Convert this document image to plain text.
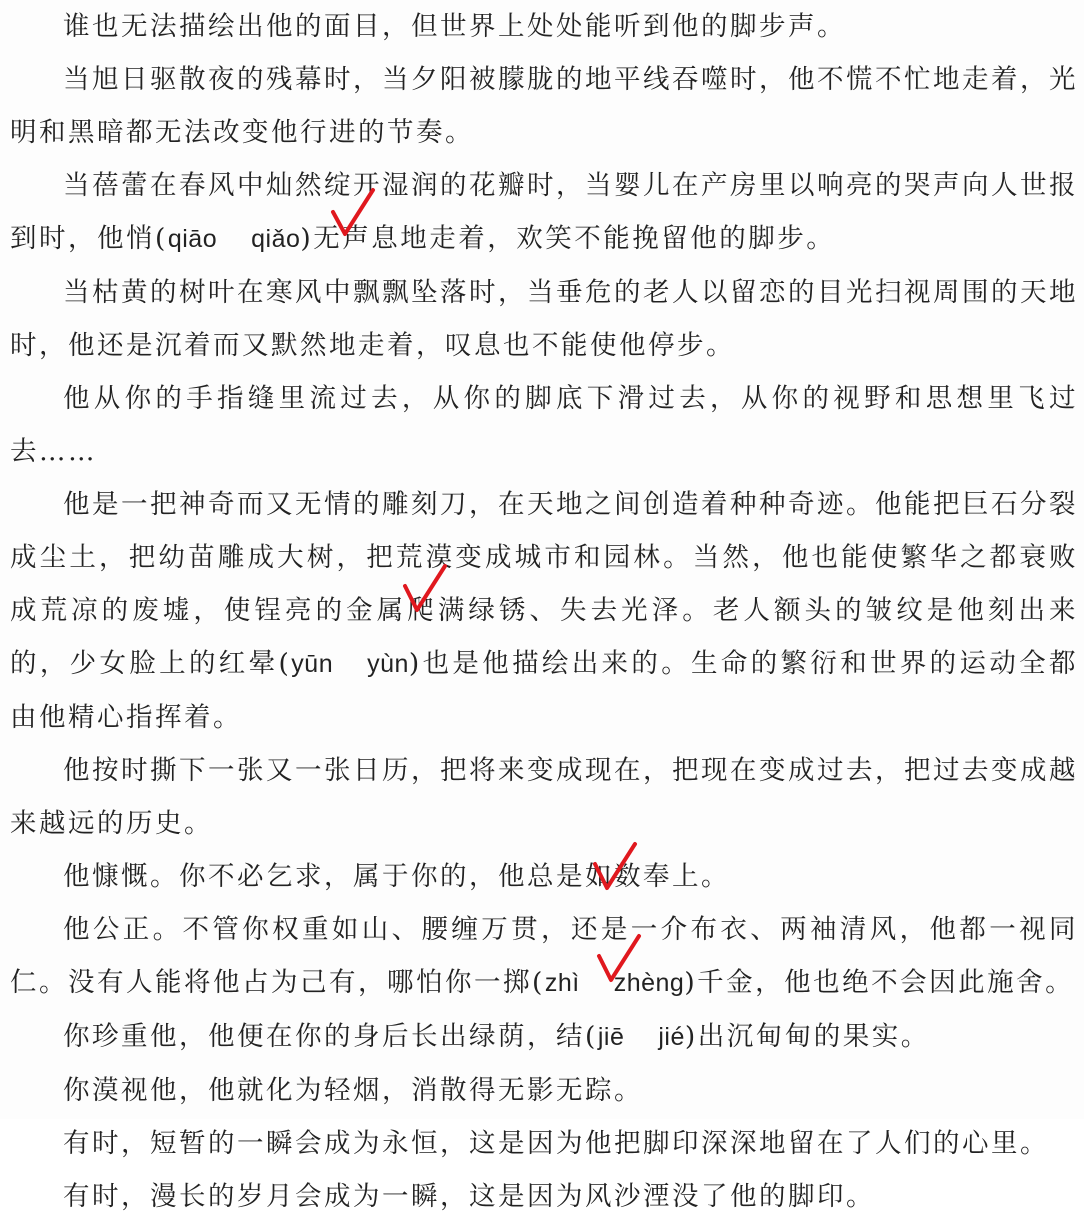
谁也无法描绘出他的面目，但世界上处处能听到他的脚步声。

当旭日驱散夜的残幕时，当夕阳被朦胧的地平线吞噬时，他不慌不忙地走着，光明和黑暗都无法改变他行进的节奏。

当蓓蕾在春风中灿然绽开湿润的花瓣时，当婴儿在产房里以响亮的哭声向人世报到时，他悄(qiāo qiǎo)无声息地走着，欢笑不能挽留他的脚步。

当枯黄的树叶在寒风中飘飘坠落时，当垂危的老人以留恋的目光扫视周围的天地时，他还是沉着而又默然地走着，叹息也不能使他停步。

他从你的手指缝里流过去，从你的脚底下滑过去，从你的视野和思想里飞过去……

他是一把神奇而又无情的雕刻刀，在天地之间创造着种种奇迹。他能把巨石分裂成尘土，把幼苗雕成大树，把荒漠变成城市和园林。当然，他也能使繁华之都衰败成荒凉的废墟，使锃亮的金属爬满绿锈、失去光泽。老人额头的皱纹是他刻出来的，少女脸上的红晕(yūn yùn)也是他描绘出来的。生命的繁衍和世界的运动全都由他精心指挥着。

他按时撕下一张又一张日历，把将来变成现在，把现在变成过去，把过去变成越来越远的历史。

他慷慨。你不必乞求，属于你的，他总是如数奉上。

他公正。不管你权重如山、腰缠万贯，还是一介布衣、两袖清风，他都一视同仁。没有人能将他占为己有，哪怕你一掷(zhì zhèng)千金，他也绝不会因此施舍。

你珍重他，他便在你的身后长出绿荫，结(jiē jié)出沉甸甸的果实。

你漠视他，他就化为轻烟，消散得无影无踪。

有时，短暂的一瞬会成为永恒，这是因为他把脚印深深地留在了人们的心里。

有时，漫长的岁月会成为一瞬，这是因为风沙湮没了他的脚印。
